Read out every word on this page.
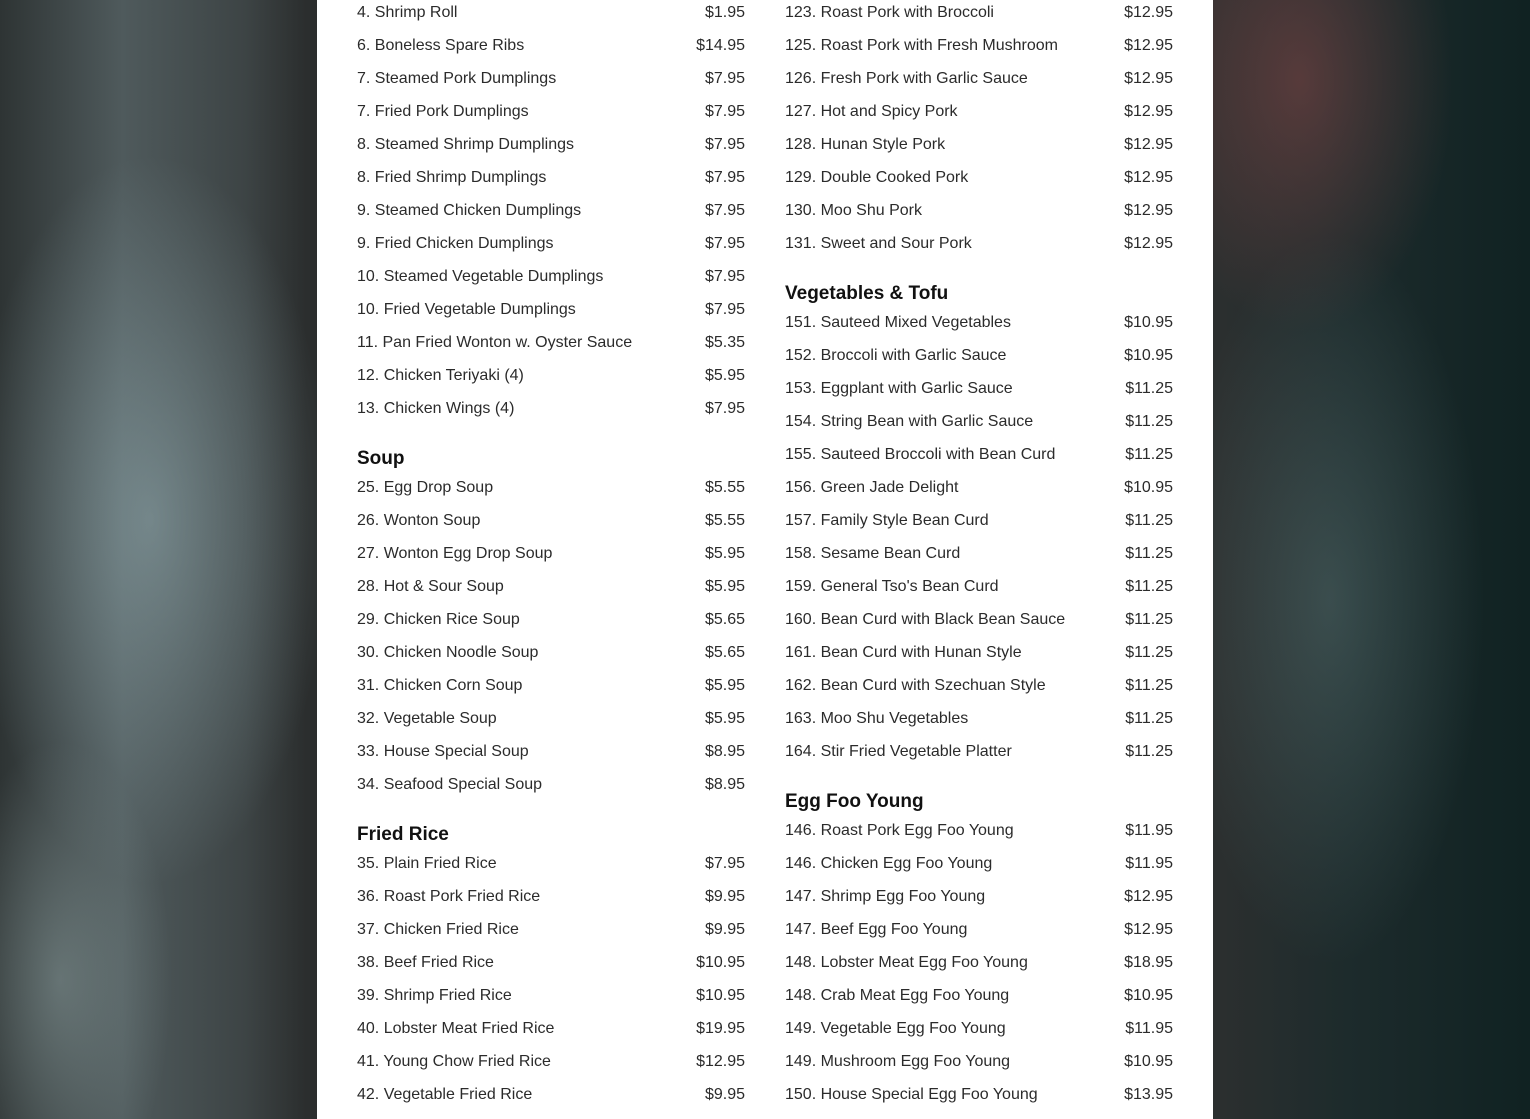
4. Shrimp Roll	$1.95
6. Boneless Spare Ribs	$14.95
7. Steamed Pork Dumplings	$7.95
7. Fried Pork Dumplings	$7.95
8. Steamed Shrimp Dumplings	$7.95
8. Fried Shrimp Dumplings	$7.95
9. Steamed Chicken Dumplings	$7.95
9. Fried Chicken Dumplings	$7.95
10. Steamed Vegetable Dumplings	$7.95
10. Fried Vegetable Dumplings	$7.95
11. Pan Fried Wonton w. Oyster Sauce	$5.35
12. Chicken Teriyaki (4)	$5.95
13. Chicken Wings (4)	$7.95
Soup
25. Egg Drop Soup	$5.55
26. Wonton Soup	$5.55
27. Wonton Egg Drop Soup	$5.95
28. Hot & Sour Soup	$5.95
29. Chicken Rice Soup	$5.65
30. Chicken Noodle Soup	$5.65
31. Chicken Corn Soup	$5.95
32. Vegetable Soup	$5.95
33. House Special Soup	$8.95
34. Seafood Special Soup	$8.95
Fried Rice
35. Plain Fried Rice	$7.95
36. Roast Pork Fried Rice	$9.95
37. Chicken Fried Rice	$9.95
38. Beef Fried Rice	$10.95
39. Shrimp Fried Rice	$10.95
40. Lobster Meat Fried Rice	$19.95
41. Young Chow Fried Rice	$12.95
42. Vegetable Fried Rice	$9.95
123. Roast Pork with Broccoli	$12.95
125. Roast Pork with Fresh Mushroom	$12.95
126. Fresh Pork with Garlic Sauce	$12.95
127. Hot and Spicy Pork	$12.95
128. Hunan Style Pork	$12.95
129. Double Cooked Pork	$12.95
130. Moo Shu Pork	$12.95
131. Sweet and Sour Pork	$12.95
Vegetables & Tofu
151. Sauteed Mixed Vegetables	$10.95
152. Broccoli with Garlic Sauce	$10.95
153. Eggplant with Garlic Sauce	$11.25
154. String Bean with Garlic Sauce	$11.25
155. Sauteed Broccoli with Bean Curd	$11.25
156. Green Jade Delight	$10.95
157. Family Style Bean Curd	$11.25
158. Sesame Bean Curd	$11.25
159. General Tso's Bean Curd	$11.25
160. Bean Curd with Black Bean Sauce	$11.25
161. Bean Curd with Hunan Style	$11.25
162. Bean Curd with Szechuan Style	$11.25
163. Moo Shu Vegetables	$11.25
164. Stir Fried Vegetable Platter	$11.25
Egg Foo Young
146. Roast Pork Egg Foo Young	$11.95
146. Chicken Egg Foo Young	$11.95
147. Shrimp Egg Foo Young	$12.95
147. Beef Egg Foo Young	$12.95
148. Lobster Meat Egg Foo Young	$18.95
148. Crab Meat Egg Foo Young	$10.95
149. Vegetable Egg Foo Young	$11.95
149. Mushroom Egg Foo Young	$10.95
150. House Special Egg Foo Young	$13.95
